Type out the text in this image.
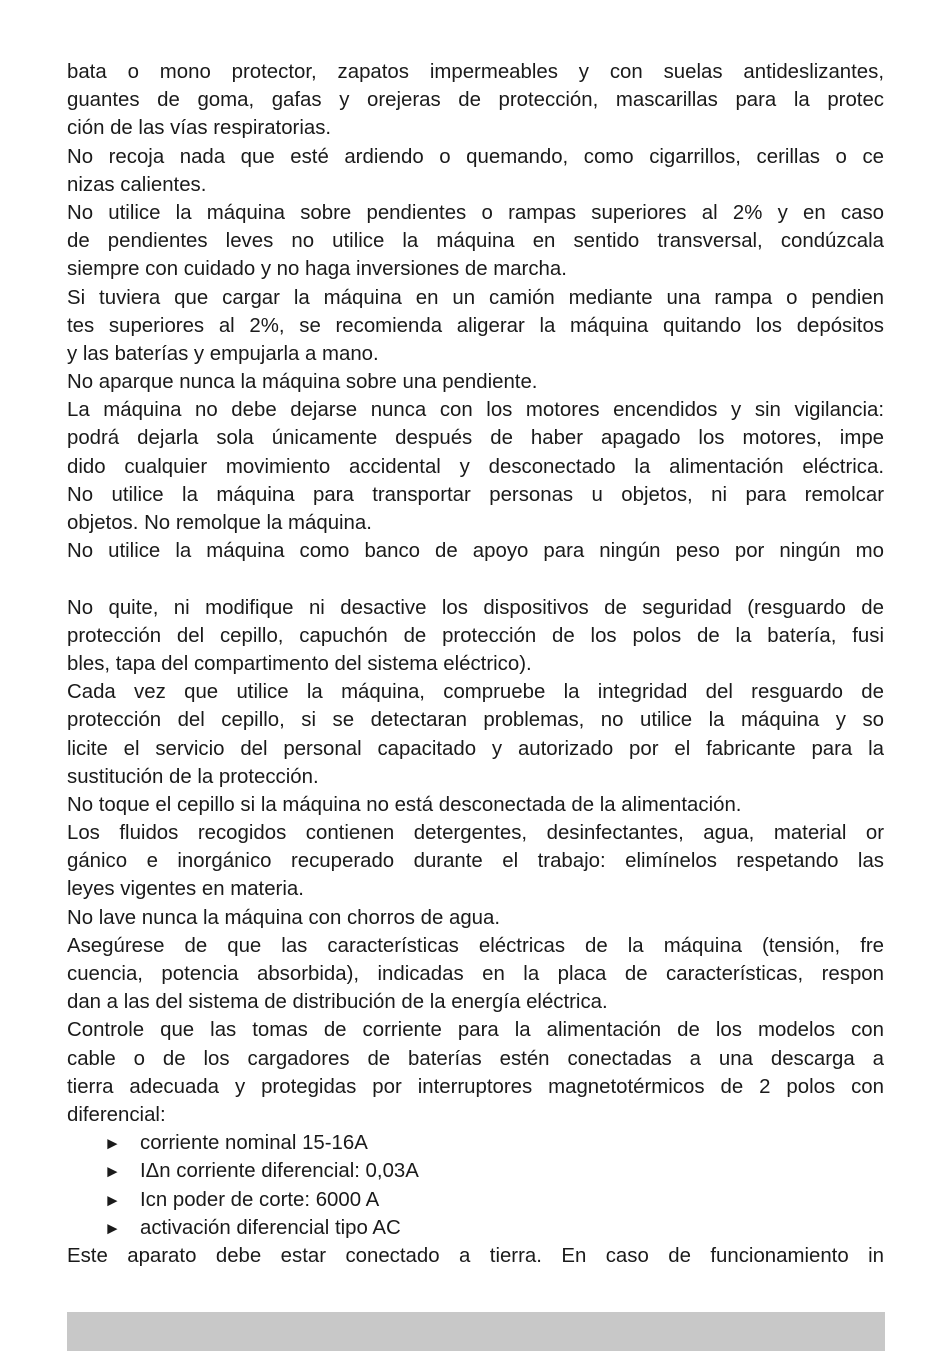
bata o mono protector, zapatos impermeables y con suelas antideslizantes,
guantes de goma, gafas y orejeras de protección, mascarillas para la protec
ción de las vías respiratorias.
No recoja nada que esté ardiendo o quemando, como cigarrillos, cerillas o ce
nizas calientes.
No utilice la máquina sobre pendientes o rampas superiores al 2% y en caso
de pendientes leves no utilice la máquina en sentido transversal, condúzcala
siempre con cuidado y no haga inversiones de marcha.
Si tuviera que cargar la máquina en un camión mediante una rampa o pendien
tes superiores al 2%, se recomienda aligerar la máquina quitando los depósitos
y las baterías y empujarla a mano.
No aparque nunca la máquina sobre una pendiente.
La máquina no debe dejarse nunca con los motores encendidos y sin vigilancia:
podrá dejarla sola únicamente después de haber apagado los motores, impe
dido cualquier movimiento accidental y desconectado la alimentación eléctrica.
No utilice la máquina para transportar personas u objetos, ni para remolcar
objetos. No remolque la máquina.
No utilice la máquina como banco de apoyo para ningún peso por ningún mo
No quite, ni modifique ni desactive los dispositivos de seguridad (resguardo de
protección del cepillo, capuchón de protección de los polos de la batería, fusi
bles, tapa del compartimento del sistema eléctrico).
Cada vez que utilice la máquina, compruebe la integridad del resguardo de
protección del cepillo, si se detectaran problemas, no utilice la máquina y so
licite el servicio del personal capacitado y autorizado por el fabricante para la
sustitución de la protección.
No toque el cepillo si la máquina no está desconectada de la alimentación.
Los fluidos recogidos contienen detergentes, desinfectantes, agua, material or
gánico e inorgánico recuperado durante el trabajo: elimínelos respetando las
leyes vigentes en materia.
No lave nunca la máquina con chorros de agua.
Asegúrese de que las características eléctricas de la máquina (tensión, fre
cuencia, potencia absorbida), indicadas en la placa de características, respon
dan a las del sistema de distribución de la energía eléctrica.
Controle que las tomas de corriente para la alimentación de los modelos con
cable o de los cargadores de baterías estén conectadas a una descarga a
tierra adecuada y protegidas por interruptores magnetotérmicos de 2 polos con
diferencial:
► corriente nominal 15-16A
► IΔn corriente diferencial: 0,03A
► Icn poder de corte: 6000 A
► activación diferencial tipo AC
Este aparato debe estar conectado a tierra. En caso de funcionamiento in
